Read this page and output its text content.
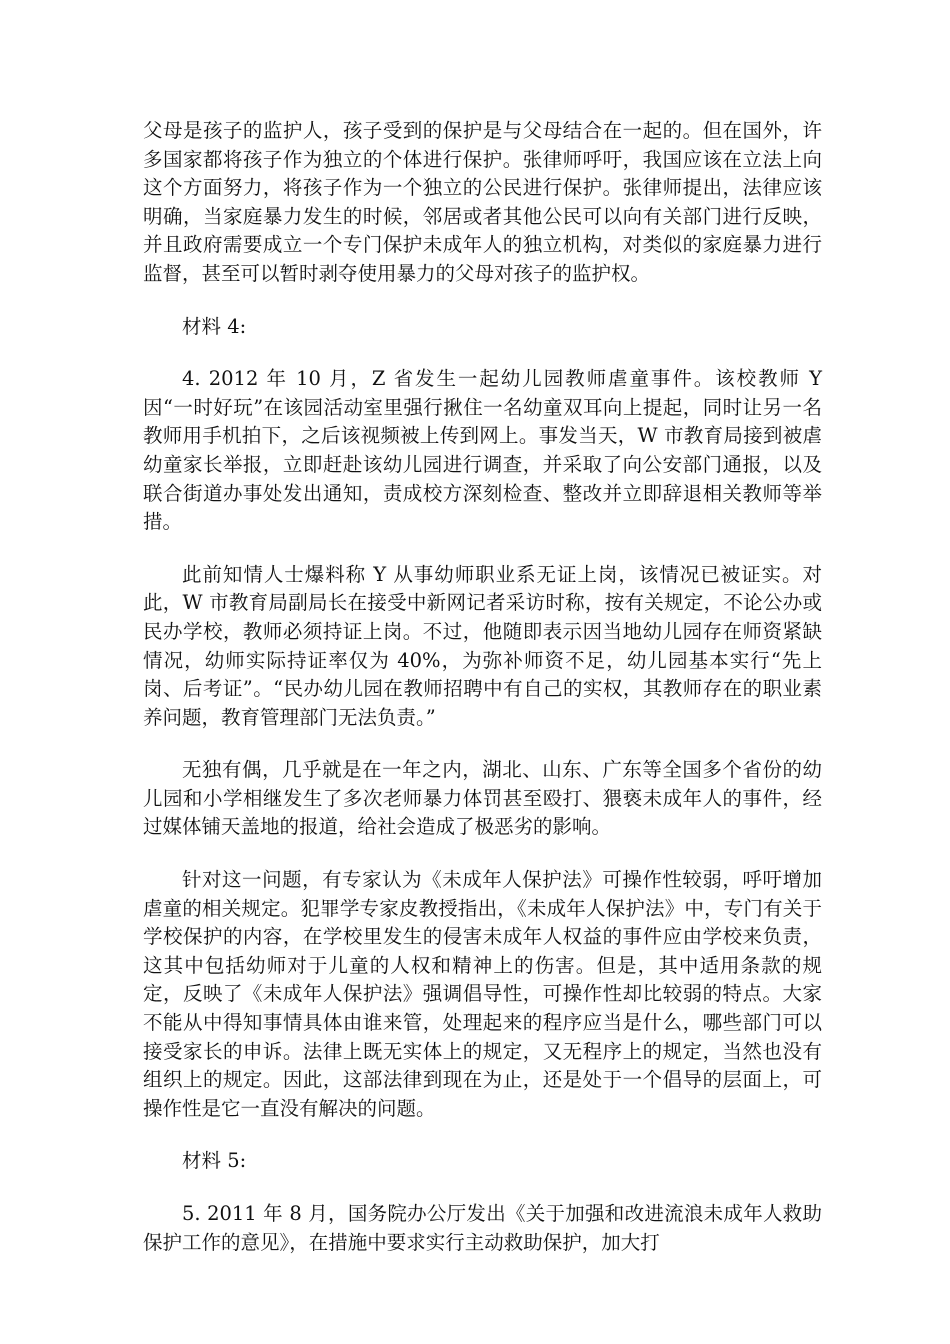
父母是孩子的监护人，孩子受到的保护是与父母结合在一起的。但在国外，许多国家都将孩子作为独立的个体进行保护。张律师呼吁，我国应该在立法上向这个方面努力，将孩子作为一个独立的公民进行保护。张律师提出，法律应该明确，当家庭暴力发生的时候，邻居或者其他公民可以向有关部门进行反映，并且政府需要成立一个专门保护未成年人的独立机构，对类似的家庭暴力进行监督，甚至可以暂时剥夺使用暴力的父母对孩子的监护权。

材料 4:

4. 2012 年 10 月，Z 省发生一起幼儿园教师虐童事件。该校教师 Y 因“一时好玩”在该园活动室里强行揪住一名幼童双耳向上提起，同时让另一名教师用手机拍下，之后该视频被上传到网上。事发当天，W 市教育局接到被虐幼童家长举报，立即赶赴该幼儿园进行调查，并采取了向公安部门通报，以及联合街道办事处发出通知，责成校方深刻检查、整改并立即辞退相关教师等举措。

此前知情人士爆料称 Y 从事幼师职业系无证上岗，该情况已被证实。对此，W 市教育局副局长在接受中新网记者采访时称，按有关规定，不论公办或民办学校，教师必须持证上岗。不过，他随即表示因当地幼儿园存在师资紧缺情况，幼师实际持证率仅为 40%，为弥补师资不足，幼儿园基本实行“先上岗、后考证”。“民办幼儿园在教师招聘中有自己的实权，其教师存在的职业素养问题，教育管理部门无法负责。”

无独有偶，几乎就是在一年之内，湖北、山东、广东等全国多个省份的幼儿园和小学相继发生了多次老师暴力体罚甚至殴打、猥亵未成年人的事件，经过媒体铺天盖地的报道，给社会造成了极恶劣的影响。

针对这一问题，有专家认为《未成年人保护法》可操作性较弱，呼吁增加虐童的相关规定。犯罪学专家皮教授指出，《未成年人保护法》中，专门有关于学校保护的内容，在学校里发生的侵害未成年人权益的事件应由学校来负责，这其中包括幼师对于儿童的人权和精神上的伤害。但是，其中适用条款的规定，反映了《未成年人保护法》强调倡导性，可操作性却比较弱的特点。大家不能从中得知事情具体由谁来管，处理起来的程序应当是什么，哪些部门可以接受家长的申诉。法律上既无实体上的规定，又无程序上的规定，当然也没有组织上的规定。因此，这部法律到现在为止，还是处于一个倡导的层面上，可操作性是它一直没有解决的问题。

材料 5:

5. 2011 年 8 月，国务院办公厅发出《关于加强和改进流浪未成年人救助保护工作的意见》，在措施中要求实行主动救助保护，加大打
